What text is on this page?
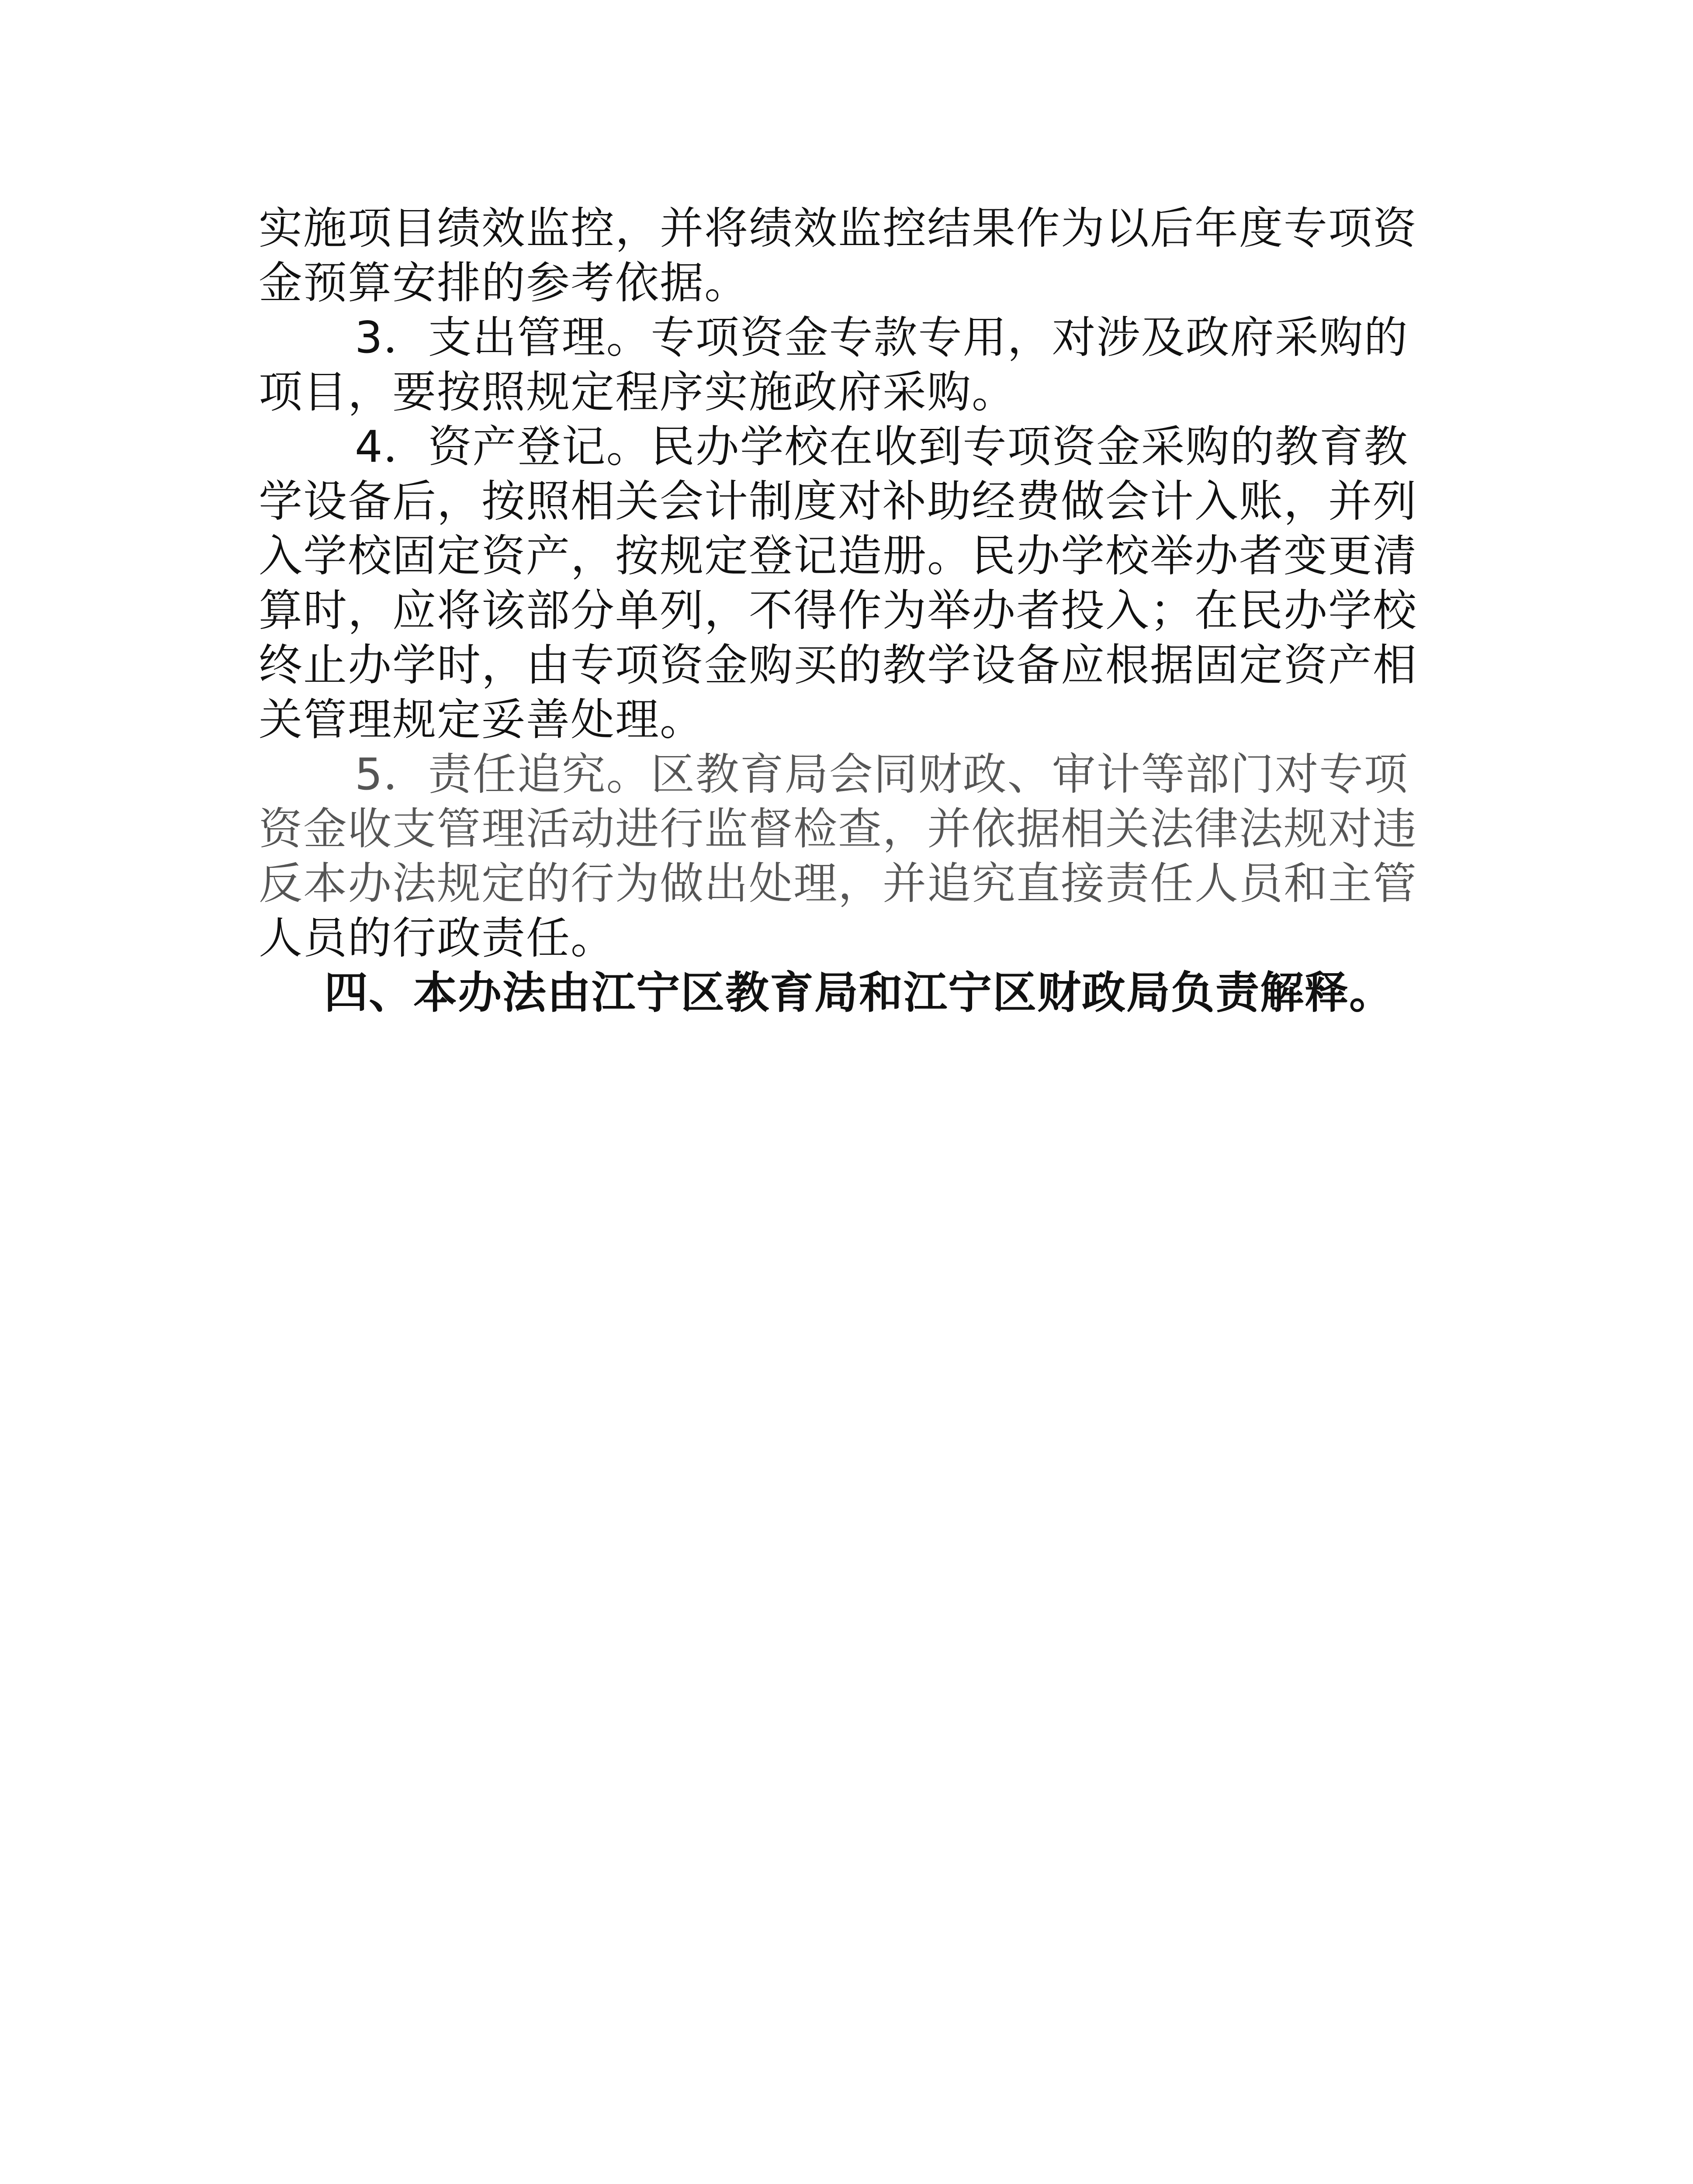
实施项目绩效监控，并将绩效监控结果作为以后年度专项资
金预算安排的参考依据。
3．支出管理。专项资金专款专用，对涉及政府采购的
项目，要按照规定程序实施政府采购。
4．资产登记。民办学校在收到专项资金采购的教育教
学设备后，按照相关会计制度对补助经费做会计入账，并列
入学校固定资产，按规定登记造册。民办学校举办者变更清
算时，应将该部分单列，不得作为举办者投入；在民办学校
终止办学时，由专项资金购买的教学设备应根据固定资产相
关管理规定妥善处理。
5．责任追究。区教育局会同财政、审计等部门对专项
资金收支管理活动进行监督检查，并依据相关法律法规对违
反本办法规定的行为做出处理，并追究直接责任人员和主管
人员的行政责任。
四、本办法由江宁区教育局和江宁区财政局负责解释。
